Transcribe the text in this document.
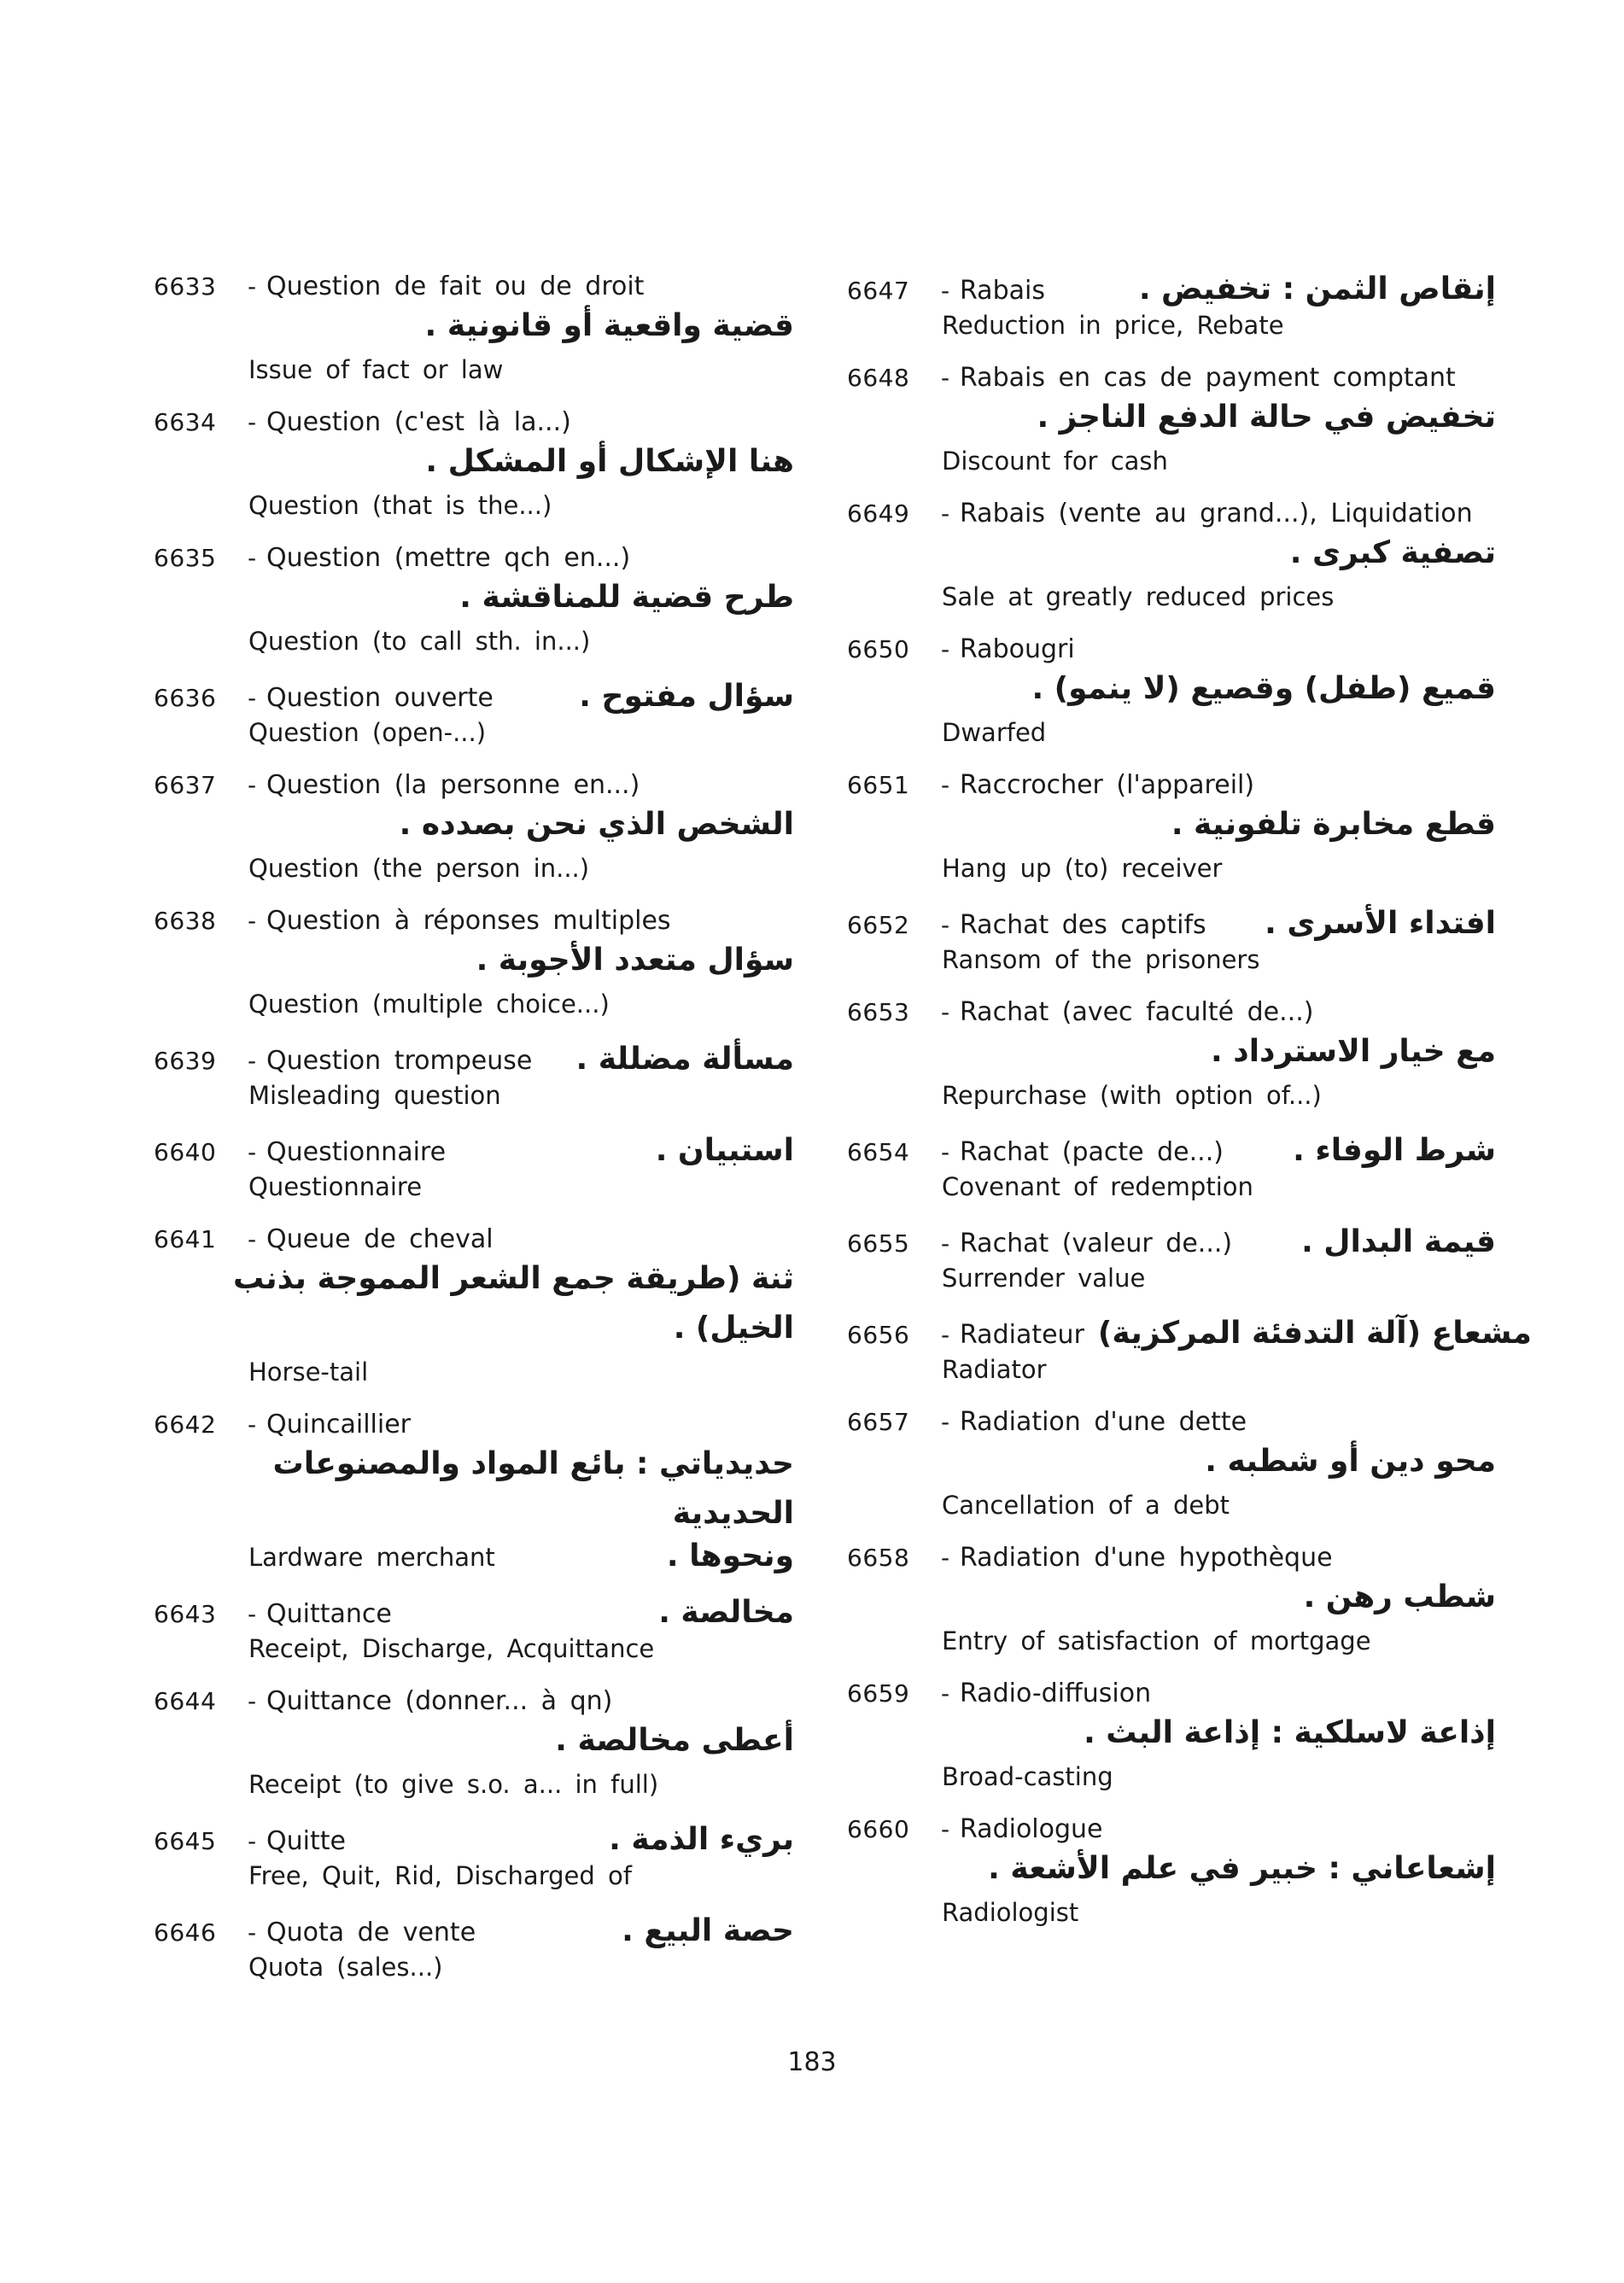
6633	- Question de fait ou de droit
قضية واقعية أو قانونية .
Issue of fact or law
6634	- Question (c'est là la...)
هنا الإشكال أو المشكل .
Question (that is the...)
6635	- Question (mettre qch en...)
طرح قضية للمناقشة .
Question (to call sth. in...)
6636	- Question ouverte	سؤال مفتوح .
Question (open-...)
6637	- Question (la personne en...)
الشخص الذي نحن بصدده .
Question (the person in...)
6638	- Question à réponses multiples
سؤال متعدد الأجوبة .
Question (multiple choice...)
6639	- Question trompeuse	مسألة مضللة .
Misleading question
6640	- Questionnaire	استبيان .
Questionnaire
6641	- Queue de cheval
ثنة (طريقة جمع الشعر المموجة بذنب الخيل) .
Horse-tail
6642	- Quincaillier
حديدياتي : بائع المواد والمصنوعات الحديدية
Lardware merchant	ونحوها .
6643	- Quittance	مخالصة .
Receipt, Discharge, Acquittance
6644	- Quittance (donner... à qn)
أعطى مخالصة .
Receipt (to give s.o. a... in full)
6645	- Quitte	بريء الذمة .
Free, Quit, Rid, Discharged of
6646	- Quota de vente	حصة البيع .
Quota (sales...)
6647	- Rabais	إنقاص الثمن : تخفيض .
Reduction in price, Rebate
6648	- Rabais en cas de payment comptant
تخفيض في حالة الدفع الناجز .
Discount for cash
6649	- Rabais (vente au grand...), Liquidation
تصفية كبرى .
Sale at greatly reduced prices
6650	- Rabougri
قميع (طفل) وقصيع (لا ينمو) .
Dwarfed
6651	- Raccrocher (l'appareil)
قطع مخابرة تلفونية .
Hang up (to) receiver
6652	- Rachat des captifs	افتداء الأسرى .
Ransom of the prisoners
6653	- Rachat (avec faculté de...)
مع خيار الاسترداد .
Repurchase (with option of...)
6654	- Rachat (pacte de...)	شرط الوفاء .
Covenant of redemption
6655	- Rachat (valeur de...)	قيمة البدال .
Surrender value
6656	- Radiateur مشعاع (آلة التدفئة المركزية)
Radiator
6657	- Radiation d'une dette
محو دين أو شطبه .
Cancellation of a debt
6658	- Radiation d'une hypothèque
شطب رهن .
Entry of satisfaction of mortgage
6659	- Radio-diffusion
إذاعة لاسلكية : إذاعة البث .
Broad-casting
6660	- Radiologue
إشعاعاني : خبير في علم الأشعة .
Radiologist
183
